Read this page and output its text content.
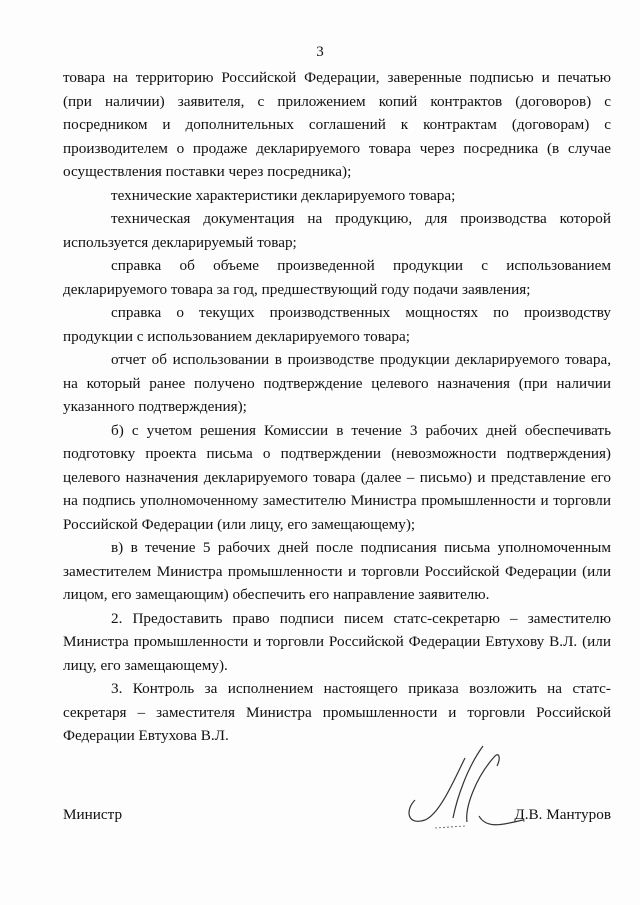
3

товара на территорию Российской Федерации, заверенные подписью и печатью (при наличии) заявителя, с приложением копий контрактов (договоров) с посредником и дополнительных соглашений к контрактам (договорам) с производителем о продаже декларируемого товара через посредника (в случае осуществления поставки через посредника);

технические характеристики декларируемого товара;

техническая документация на продукцию, для производства которой используется декларируемый товар;

справка об объеме произведенной продукции с использованием декларируемого товара за год, предшествующий году подачи заявления;

справка о текущих производственных мощностях по производству продукции с использованием декларируемого товара;

отчет об использовании в производстве продукции декларируемого товара, на который ранее получено подтверждение целевого назначения (при наличии указанного подтверждения);

б) с учетом решения Комиссии в течение 3 рабочих дней обеспечивать подготовку проекта письма о подтверждении (невозможности подтверждения) целевого назначения декларируемого товара (далее – письмо) и представление его на подпись уполномоченному заместителю Министра промышленности и торговли Российской Федерации (или лицу, его замещающему);

в) в течение 5 рабочих дней после подписания письма уполномоченным заместителем Министра промышленности и торговли Российской Федерации (или лицом, его замещающим) обеспечить его направление заявителю.

2. Предоставить право подписи писем статс-секретарю – заместителю Министра промышленности и торговли Российской Федерации Евтухову В.Л. (или лицу, его замещающему).

3. Контроль за исполнением настоящего приказа возложить на статс-секретаря – заместителя Министра промышленности и торговли Российской Федерации Евтухова В.Л.

Министр	Д.В. Мантуров
